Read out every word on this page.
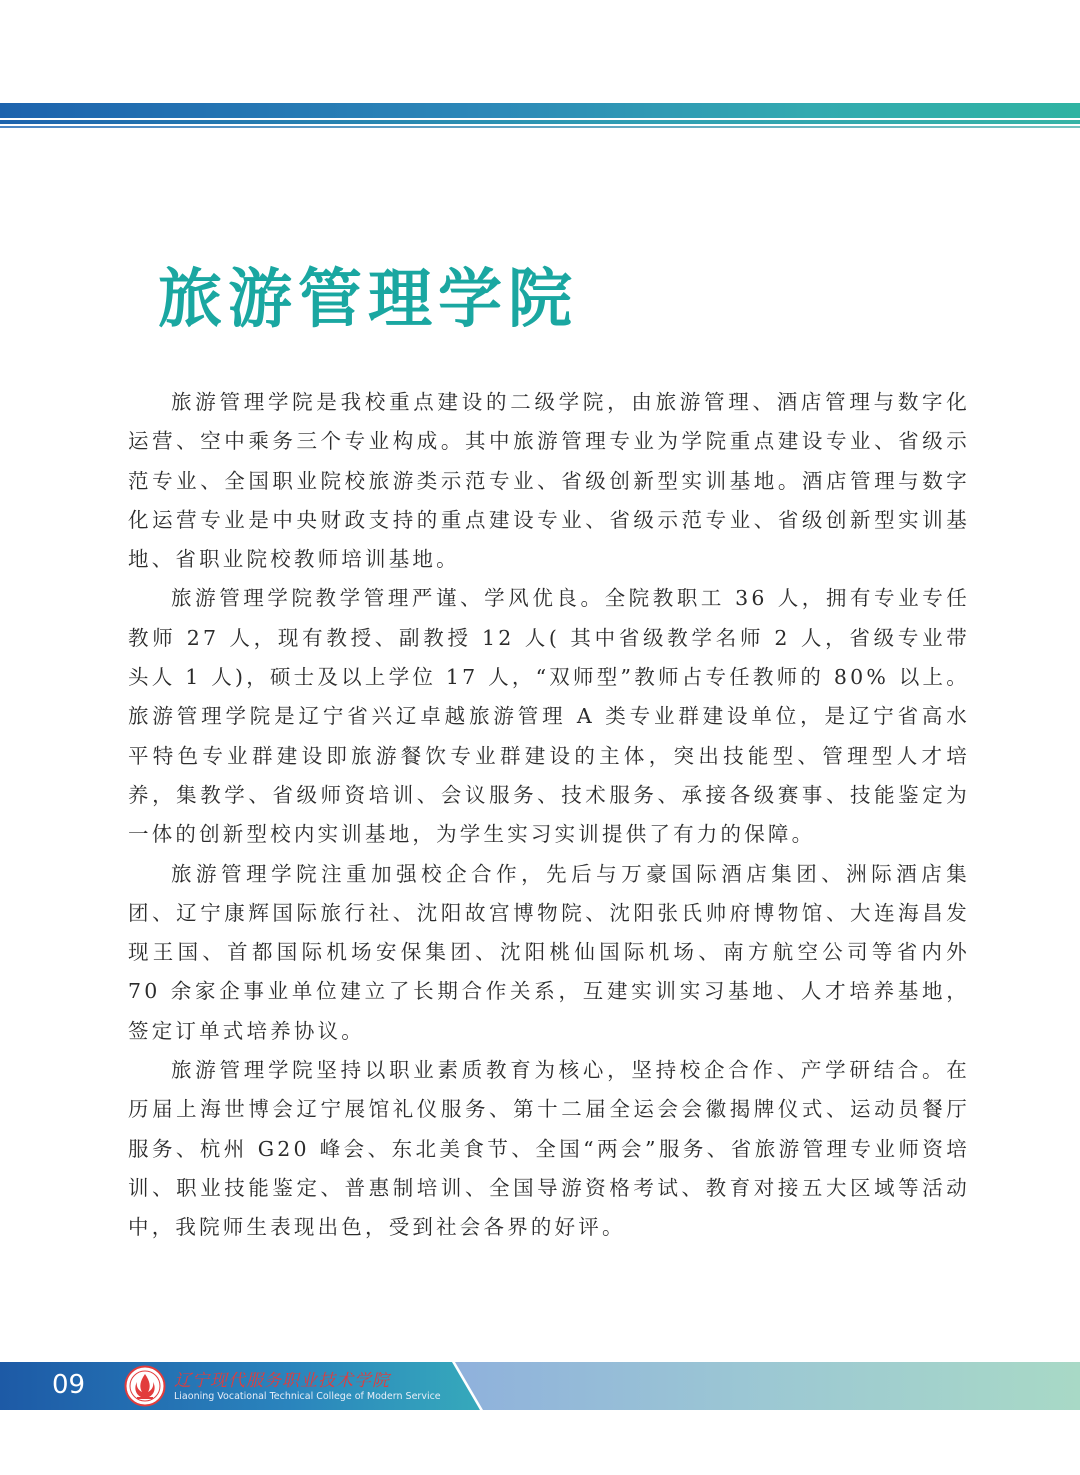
旅游管理学院

旅游管理学院是我校重点建设的二级学院，由旅游管理、酒店管理与数字化运营、空中乘务三个专业构成。其中旅游管理专业为学院重点建设专业、省级示范专业、全国职业院校旅游类示范专业、省级创新型实训基地。酒店管理与数字化运营专业是中央财政支持的重点建设专业、省级示范专业、省级创新型实训基地、省职业院校教师培训基地。

旅游管理学院教学管理严谨、学风优良。全院教职工 36 人，拥有专业专任教师 27 人，现有教授、副教授 12 人( 其中省级教学名师 2 人，省级专业带头人 1 人)，硕士及以上学位 17 人，“双师型”教师占专任教师的 80% 以上。旅游管理学院是辽宁省兴辽卓越旅游管理 A 类专业群建设单位，是辽宁省高水平特色专业群建设即旅游餐饮专业群建设的主体，突出技能型、管理型人才培养，集教学、省级师资培训、会议服务、技术服务、承接各级赛事、技能鉴定为一体的创新型校内实训基地，为学生实习实训提供了有力的保障。

旅游管理学院注重加强校企合作，先后与万豪国际酒店集团、洲际酒店集团、辽宁康辉国际旅行社、沈阳故宫博物院、沈阳张氏帅府博物馆、大连海昌发现王国、首都国际机场安保集团、沈阳桃仙国际机场、南方航空公司等省内外 70 余家企事业单位建立了长期合作关系，互建实训实习基地、人才培养基地，签定订单式培养协议。

旅游管理学院坚持以职业素质教育为核心，坚持校企合作、产学研结合。在历届上海世博会辽宁展馆礼仪服务、第十二届全运会会徽揭牌仪式、运动员餐厅服务、杭州 G20 峰会、东北美食节、全国“两会”服务、省旅游管理专业师资培训、职业技能鉴定、普惠制培训、全国导游资格考试、教育对接五大区域等活动中，我院师生表现出色，受到社会各界的好评。

09	辽宁现代服务职业技术学院
Liaoning Vocational Technical College of Modern Service
